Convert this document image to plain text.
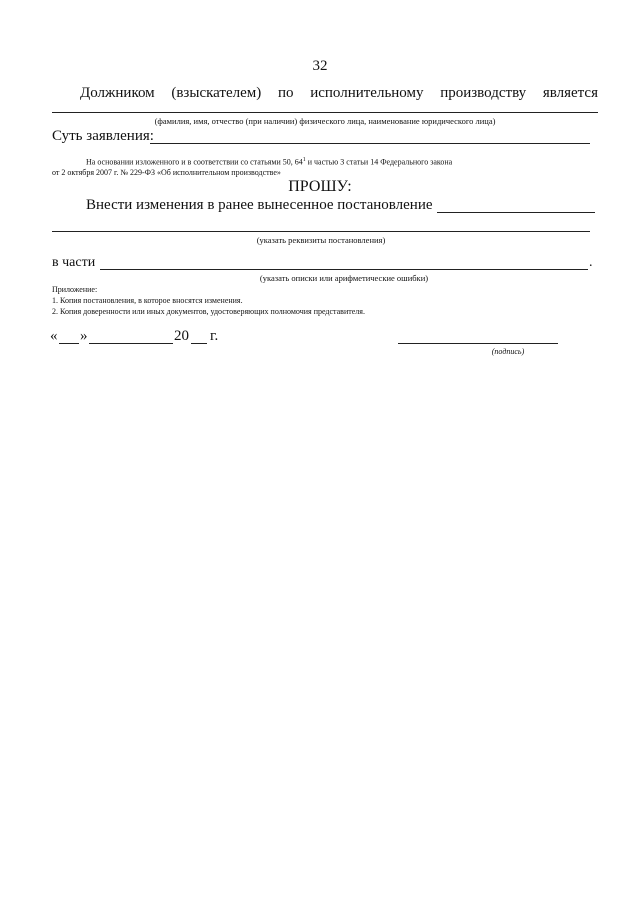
32
Должником (взыскателем) по исполнительному производству является
(фамилия, имя, отчество (при наличии) физического лица, наименование юридического лица)
Суть заявления:
На основании изложенного и в соответствии со статьями 50, $64^1$ и частью 3 статьи 14 Федерального закона
от 2 октября 2007 г. № 229-ФЗ «Об исполнительном производстве»
ПРОШУ:
Внести изменения в ранее вынесенное постановление
(указать реквизиты постановления)
в части	.
(указать описки или арифметические ошибки)
Приложение:
1. Копия постановления, в которое вносятся изменения.
2. Копия доверенности или иных документов, удостоверяющих полномочия представителя.
« »	20 г.
(подпись)
